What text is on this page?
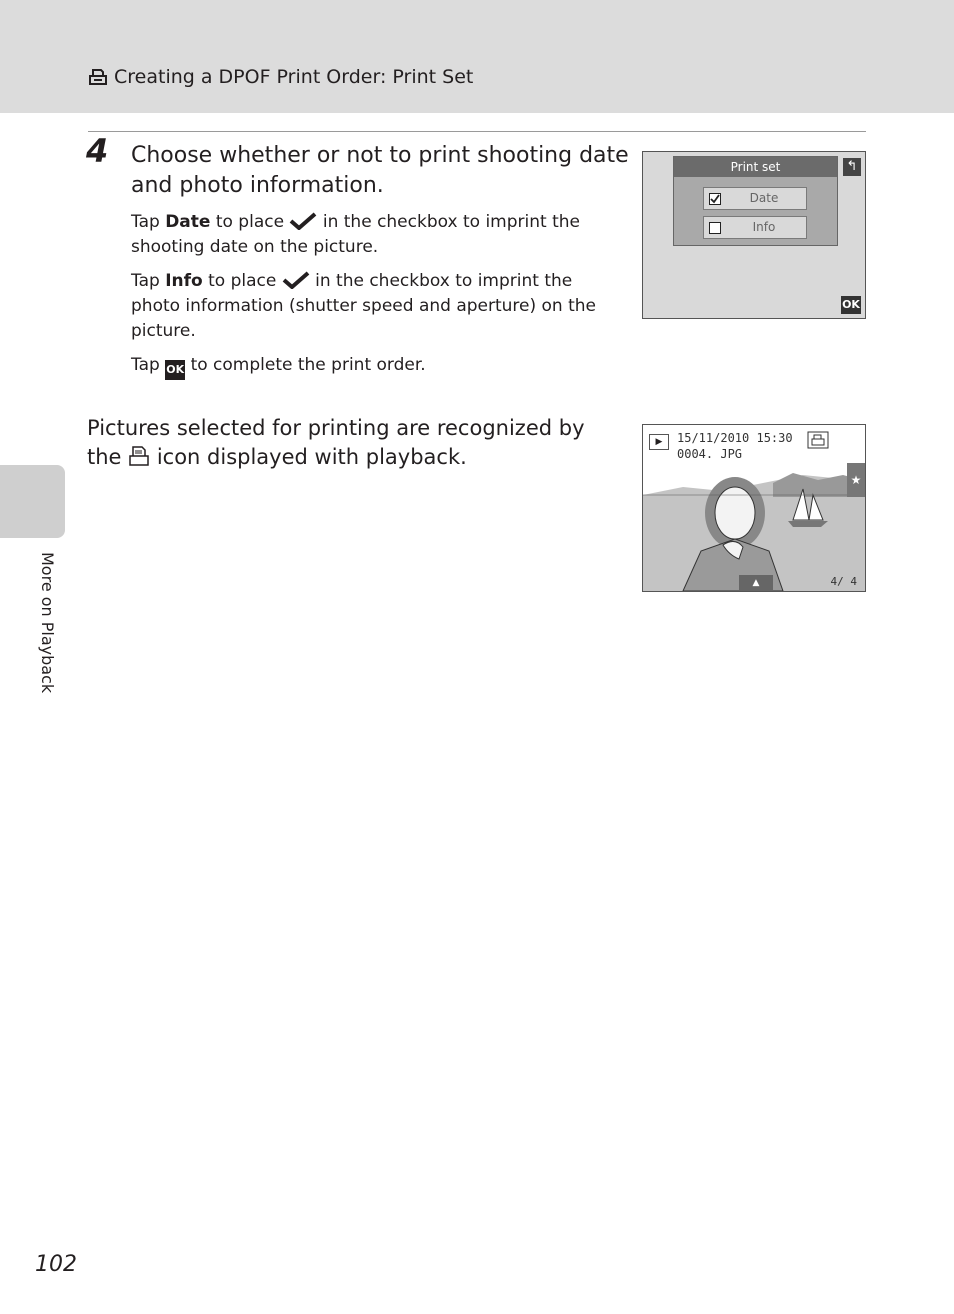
Creating a DPOF Print Order: Print Set
4 Choose whether or not to print shooting date and photo information.
Tap Date to place  in the checkbox to imprint the shooting date on the picture.
Tap Info to place  in the checkbox to imprint the photo information (shutter speed and aperture) on the picture.
Tap OK to complete the print order.
Pictures selected for printing are recognized by the  icon displayed with playback.
Print set
Date
Info
↰
OK
▶	15/11/2010 15:30
0004. JPG
★
▲	4/ 4
More on Playback
102
